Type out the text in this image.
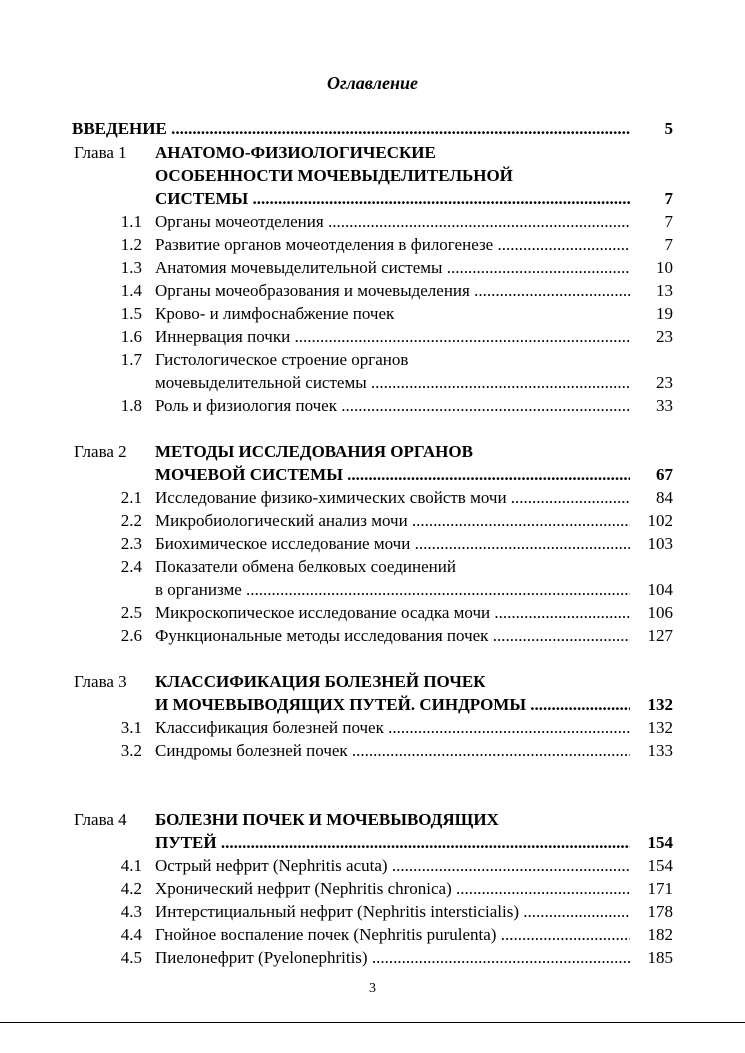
Оглавление
ВВЕДЕНИЕ .....	5
Глава 1	АНАТОМО-ФИЗИОЛОГИЧЕСКИЕ
ОСОБЕННОСТИ МОЧЕВЫДЕЛИТЕЛЬНОЙ
СИСТЕМЫ .....	7
1.1 Органы мочеотделения .....	7
1.2 Развитие органов мочеотделения в филогенезе .....	7
1.3 Анатомия мочевыделительной системы .....	10
1.4 Органы мочеобразования и мочевыделения .....	13
1.5 Крово- и лимфоснабжение почек	19
1.6 Иннервация почки .....	23
1.7 Гистологическое строение органов
мочевыделительной системы .....	23
1.8 Роль и физиология почек .....	33
Глава 2	МЕТОДЫ ИССЛЕДОВАНИЯ ОРГАНОВ
МОЧЕВОЙ СИСТЕМЫ .....	67
2.1 Исследование физико-химических свойств мочи .....	84
2.2 Микробиологический анализ мочи .....	102
2.3 Биохимическое исследование мочи .....	103
2.4 Показатели обмена белковых соединений
в организме .....	104
2.5 Микроскопическое исследование осадка мочи .....	106
2.6 Функциональные методы исследования почек .....	127
Глава 3	КЛАССИФИКАЦИЯ БОЛЕЗНЕЙ ПОЧЕК
И МОЧЕВЫВОДЯЩИХ ПУТЕЙ. СИНДРОМЫ .....	132
3.1 Классификация болезней почек .....	132
3.2 Синдромы болезней почек .....	133
Глава 4	БОЛЕЗНИ ПОЧЕК И МОЧЕВЫВОДЯЩИХ
ПУТЕЙ .....	154
4.1 Острый нефрит (Nephritis acuta) .....	154
4.2 Хронический нефрит (Nephritis chronica) .....	171
4.3 Интерстициальный нефрит (Nephritis intersticialis) .....	178
4.4 Гнойное воспаление почек (Nephritis purulenta) .....	182
4.5 Пиелонефрит (Pyelonephritis) .....	185
3
